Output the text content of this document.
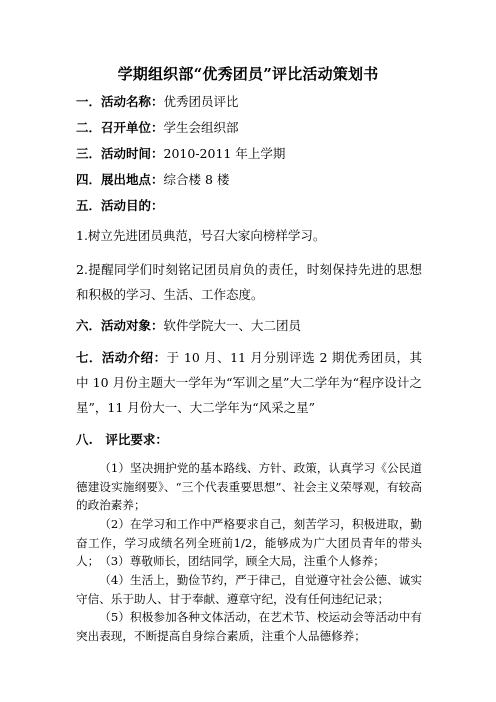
学期组织部“优秀团员”评比活动策划书
一．活动名称：优秀团员评比
二．召开单位：学生会组织部
三．活动时间：2010-2011 年上学期
四．展出地点：综合楼 8 楼
五．活动目的：
1.树立先进团员典范，号召大家向榜样学习。
2.提醒同学们时刻铭记团员肩负的责任，时刻保持先进的思想和积极的学习、生活、工作态度。
六．活动对象：软件学院大一、大二团员
七．活动介绍：于 10 月、11 月分别评选 2 期优秀团员，其中 10 月份主题大一学年为“军训之星”大二学年为“程序设计之星”，11 月份大一、大二学年为“风采之星”
八.　评比要求：
（1）坚决拥护党的基本路线、方针、政策，认真学习《公民道德建设实施纲要》、“三个代表重要思想”、社会主义荣辱观，有较高的政治素养；
（2）在学习和工作中严格要求自己，刻苦学习，积极进取，勤奋工作，学习成绩名列全班前1/2，能够成为广大团员青年的带头人； （3）尊敬师长，团结同学，顾全大局，注重个人修养；
（4）生活上，勤俭节约，严于律己，自觉遵守社会公德、诚实守信、乐于助人、甘于奉献、遵章守纪，没有任何违纪记录；
（5）积极参加各种文体活动，在艺术节、校运动会等活动中有突出表现，不断提高自身综合素质，注重个人品德修养；
